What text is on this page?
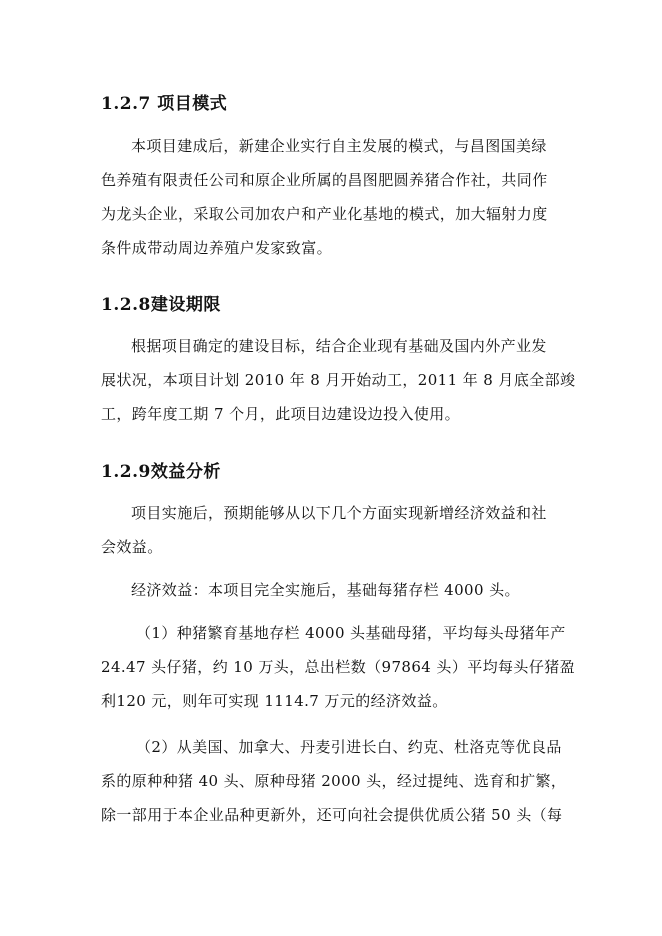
1.2.7 项目模式
本项目建成后，新建企业实行自主发展的模式，与昌图国美绿
色养殖有限责任公司和原企业所属的昌图肥圆养猪合作社，共同作
为龙头企业，采取公司加农户和产业化基地的模式，加大辐射力度
条件成带动周边养殖户发家致富。
1.2.8建设期限
根据项目确定的建设目标，结合企业现有基础及国内外产业发
展状况，本项目计划 2010 年 8 月开始动工，2011 年 8 月底全部竣
工，跨年度工期 7 个月，此项目边建设边投入使用。
1.2.9效益分析
项目实施后，预期能够从以下几个方面实现新增经济效益和社
会效益。
经济效益：本项目完全实施后，基础每猪存栏 4000 头。
（1）种猪繁育基地存栏 4000 头基础母猪，平均每头母猪年产
24.47 头仔猪，约 10 万头，总出栏数（97864 头）平均每头仔猪盈
利120 元，则年可实现 1114.7 万元的经济效益。
（2）从美国、加拿大、丹麦引进长白、约克、杜洛克等优良品
系的原种种猪 40 头、原种母猪 2000 头，经过提纯、选育和扩繁，
除一部用于本企业品种更新外，还可向社会提供优质公猪 50 头（每
